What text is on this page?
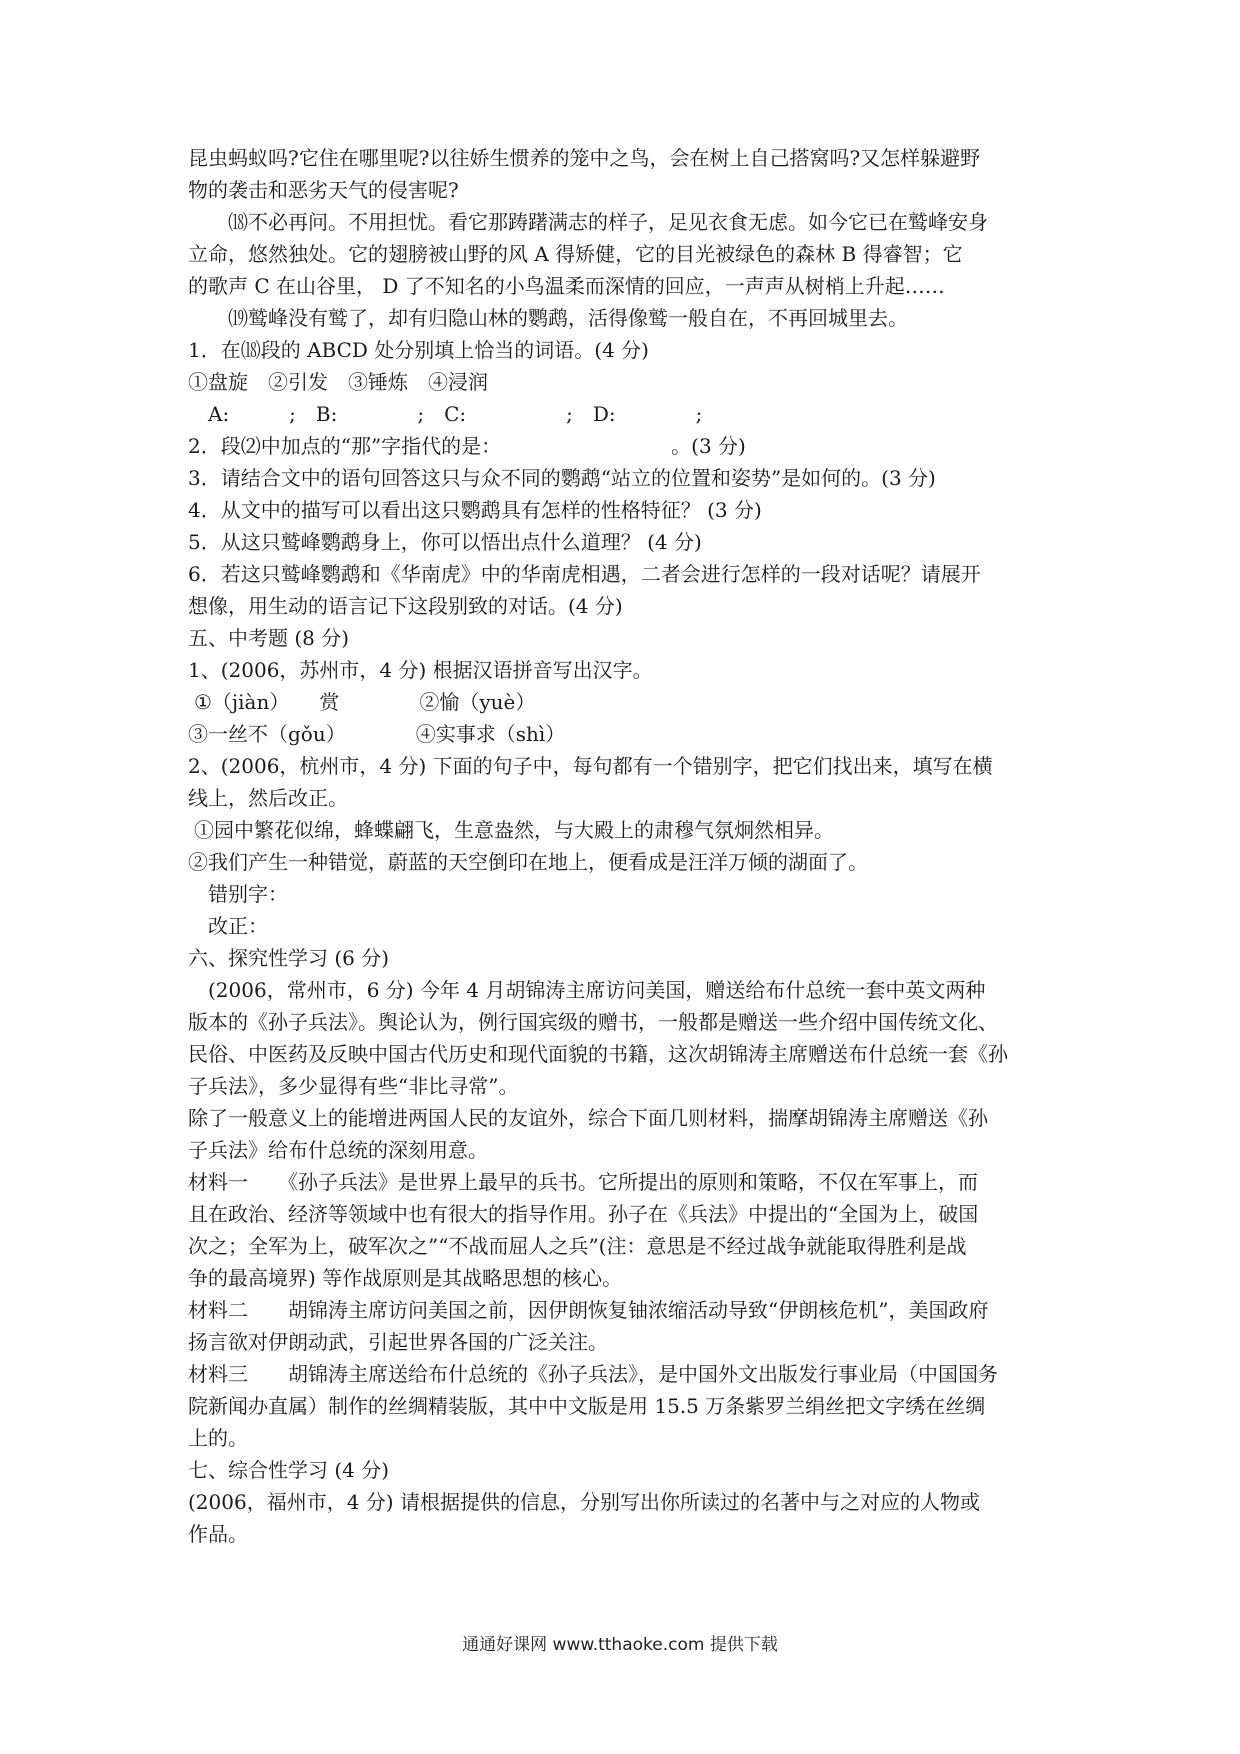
昆虫蚂蚁吗?它住在哪里呢?以往娇生惯养的笼中之鸟，会在树上自己搭窝吗?又怎样躲避野
物的袭击和恶劣天气的侵害呢?
⒅不必再问。不用担忧。看它那踌躇满志的样子，足见衣食无虑。如今它已在鹫峰安身
立命，悠然独处。它的翅膀被山野的风 A 得矫健，它的目光被绿色的森林 B 得睿智；它
的歌声 C 在山谷里， D 了不知名的小鸟温柔而深情的回应，一声声从树梢上升起……
⒆鹫峰没有鹫了，却有归隐山林的鹦鹉，活得像鹫一般自在，不再回城里去。
1．在⒅段的 ABCD 处分别填上恰当的词语。(4 分)
①盘旋　②引发　③锤炼　④浸润
A:　　　;　B:　　　　;　C:　　　　　;　D:　　　　;
2．段⑵中加点的“那”字指代的是：　　　　　　　　　。(3 分)
3．请结合文中的语句回答这只与众不同的鹦鹉“站立的位置和姿势”是如何的。(3 分)
4．从文中的描写可以看出这只鹦鹉具有怎样的性格特征？ (3 分)
5．从这只鹫峰鹦鹉身上，你可以悟出点什么道理？ (4 分)
6．若这只鹫峰鹦鹉和《华南虎》中的华南虎相遇，二者会进行怎样的一段对话呢？请展开
想像，用生动的语言记下这段别致的对话。(4 分)
五、中考题 (8 分)
1、(2006，苏州市，4 分) 根据汉语拼音写出汉字。
①（jiàn）　　赏　　　　②愉（yuè）
③一丝不（gǒu）　　　　④实事求（shì）
2、(2006，杭州市，4 分) 下面的句子中，每句都有一个错别字，把它们找出来，填写在横
线上，然后改正。
①园中繁花似绵，蜂蝶翩飞，生意盎然，与大殿上的肃穆气氛炯然相异。
②我们产生一种错觉，蔚蓝的天空倒印在地上，便看成是汪洋万倾的湖面了。
错别字：
改正：
六、探究性学习 (6 分)
(2006，常州市，6 分) 今年 4 月胡锦涛主席访问美国，赠送给布什总统一套中英文两种
版本的《孙子兵法》。舆论认为，例行国宾级的赠书，一般都是赠送一些介绍中国传统文化、
民俗、中医药及反映中国古代历史和现代面貌的书籍，这次胡锦涛主席赠送布什总统一套《孙
子兵法》，多少显得有些“非比寻常”。
除了一般意义上的能增进两国人民的友谊外，综合下面几则材料，揣摩胡锦涛主席赠送《孙
子兵法》给布什总统的深刻用意。
材料一　　《孙子兵法》是世界上最早的兵书。它所提出的原则和策略，不仅在军事上，而
且在政治、经济等领域中也有很大的指导作用。孙子在《兵法》中提出的“全国为上，破国
次之；全军为上，破军次之”“不战而屈人之兵”(注：意思是不经过战争就能取得胜利是战
争的最高境界) 等作战原则是其战略思想的核心。
材料二　　胡锦涛主席访问美国之前，因伊朗恢复铀浓缩活动导致“伊朗核危机”，美国政府
扬言欲对伊朗动武，引起世界各国的广泛关注。
材料三　　胡锦涛主席送给布什总统的《孙子兵法》，是中国外文出版发行事业局（中国国务
院新闻办直属）制作的丝绸精装版，其中中文版是用 15.5 万条紫罗兰绢丝把文字绣在丝绸
上的。
七、综合性学习 (4 分)
(2006，福州市，4 分) 请根据提供的信息，分别写出你所读过的名著中与之对应的人物或
作品。
通通好课网 www.tthaoke.com 提供下载
